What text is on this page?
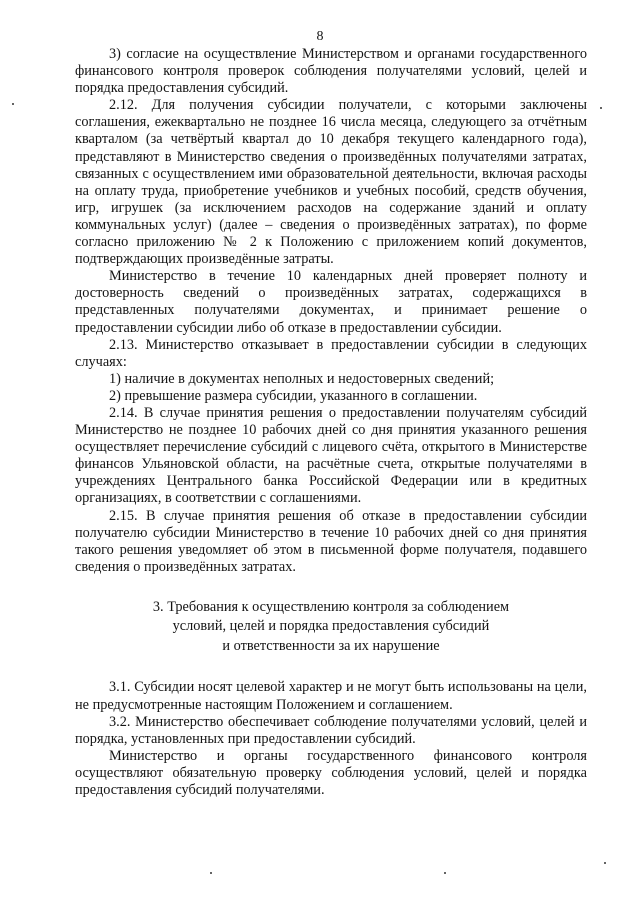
8

3) согласие на осуществление Министерством и органами государственного финансового контроля проверок соблюдения получателями условий, целей и порядка предоставления субсидий.

2.12. Для получения субсидии получатели, с которыми заключены соглашения, ежеквартально не позднее 16 числа месяца, следующего за отчётным кварталом (за четвёртый квартал до 10 декабря текущего календарного года), представляют в Министерство сведения о произведённых получателями затратах, связанных с осуществлением ими образовательной деятельности, включая расходы на оплату труда, приобретение учебников и учебных пособий, средств обучения, игр, игрушек (за исключением расходов на содержание зданий и оплату коммунальных услуг) (далее – сведения о произведённых затратах), по форме согласно приложению № 2 к Положению с приложением копий документов, подтверждающих произведённые затраты.

Министерство в течение 10 календарных дней проверяет полноту и достоверность сведений о произведённых затратах, содержащихся в представленных получателями документах, и принимает решение о предоставлении субсидии либо об отказе в предоставлении субсидии.

2.13. Министерство отказывает в предоставлении субсидии в следующих случаях:

1) наличие в документах неполных и недостоверных сведений;

2) превышение размера субсидии, указанного в соглашении.

2.14. В случае принятия решения о предоставлении получателям субсидий Министерство не позднее 10 рабочих дней со дня принятия указанного решения осуществляет перечисление субсидий с лицевого счёта, открытого в Министерстве финансов Ульяновской области, на расчётные счета, открытые получателями в учреждениях Центрального банка Российской Федерации или в кредитных организациях, в соответствии с соглашениями.

2.15. В случае принятия решения об отказе в предоставлении субсидии получателю субсидии Министерство в течение 10 рабочих дней со дня принятия такого решения уведомляет об этом в письменной форме получателя, подавшего сведения о произведённых затратах.

3. Требования к осуществлению контроля за соблюдением
условий, целей и порядка предоставления субсидий
и ответственности за их нарушение

3.1. Субсидии носят целевой характер и не могут быть использованы на цели, не предусмотренные настоящим Положением и соглашением.

3.2. Министерство обеспечивает соблюдение получателями условий, целей и порядка, установленных при предоставлении субсидий.

Министерство и органы государственного финансового контроля осуществляют обязательную проверку соблюдения условий, целей и порядка предоставления субсидий получателями.
